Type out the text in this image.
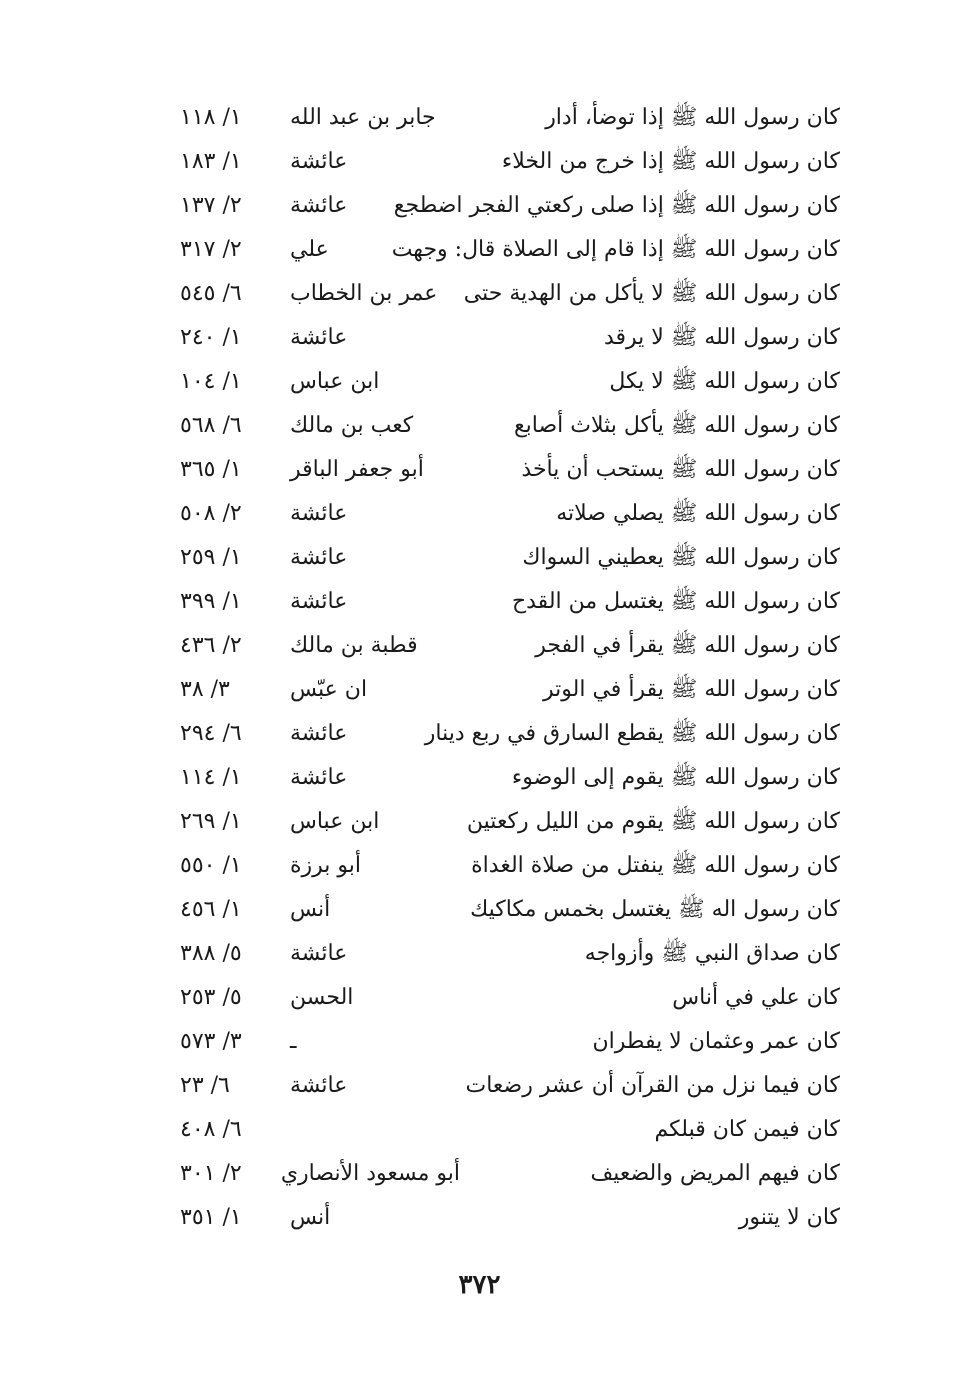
كان رسول الله ﷺ إذا توضأ، أدار
جابر بن عبد الله
١/ ١١٨
كان رسول الله ﷺ إذا خرج من الخلاء
عائشة
١/ ١٨٣
كان رسول الله ﷺ إذا صلى ركعتي الفجر اضطجع
عائشة
٢/ ١٣٧
كان رسول الله ﷺ إذا قام إلى الصلاة قال: وجهت
علي
٢/ ٣١٧
كان رسول الله ﷺ لا يأكل من الهدية حتى
عمر بن الخطاب
٦/ ٥٤٥
كان رسول الله ﷺ لا يرقد
عائشة
١/ ٢٤٠
كان رسول الله ﷺ لا يكل
ابن عباس
١/ ١٠٤
كان رسول الله ﷺ يأكل بثلاث أصابع
كعب بن مالك
٦/ ٥٦٨
كان رسول الله ﷺ يستحب أن يأخذ
أبو جعفر الباقر
١/ ٣٦٥
كان رسول الله ﷺ يصلي صلاته
عائشة
٢/ ٥٠٨
كان رسول الله ﷺ يعطيني السواك
عائشة
١/ ٢٥٩
كان رسول الله ﷺ يغتسل من القدح
عائشة
١/ ٣٩٩
كان رسول الله ﷺ يقرأ في الفجر
قطبة بن مالك
٢/ ٤٣٦
كان رسول الله ﷺ يقرأ في الوتر
ان عبّس
٣/ ٣٨
كان رسول الله ﷺ يقطع السارق في ربع دينار
عائشة
٦/ ٢٩٤
كان رسول الله ﷺ يقوم إلى الوضوء
عائشة
١/ ١١٤
كان رسول الله ﷺ يقوم من الليل ركعتين
ابن عباس
١/ ٢٦٩
كان رسول الله ﷺ ينفتل من صلاة الغداة
أبو برزة
١/ ٥٥٠
كان رسول اله ﷺ يغتسل بخمس مكاكيك
أنس
١/ ٤٥٦
كان صداق النبي ﷺ وأزواجه
عائشة
٥/ ٣٨٨
كان علي في أناس
الحسن
٥/ ٢٥٣
كان عمر وعثمان لا يفطران
ـ
٣/ ٥٧٣
كان فيما نزل من القرآن أن عشر رضعات
عائشة
٦/ ٢٣
كان فيمن كان قبلكم
٦/ ٤٠٨
كان فيهم المريض والضعيف
أبو مسعود الأنصاري
٢/ ٣٠١
كان لا يتنور
أنس
١/ ٣٥١
٣٧٢
